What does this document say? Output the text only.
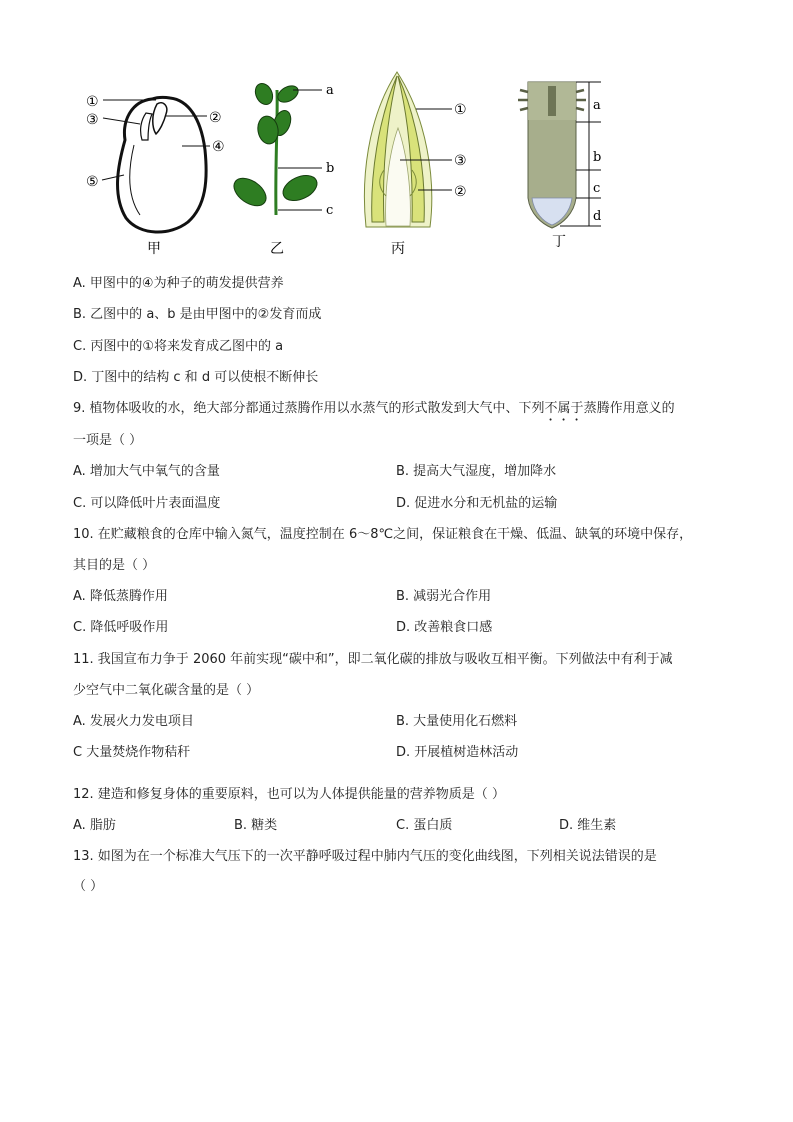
①
③	②
④
⑤
甲
a
b
c
乙
①
③
②
丙
a
b
c
d
丁
A. 甲图中的④为种子的萌发提供营养
B. 乙图中的 a、b 是由甲图中的②发育而成
C. 丙图中的①将来发育成乙图中的 a
D. 丁图中的结构 c 和 d 可以使根不断伸长
9. 植物体吸收的水，绝大部分都通过蒸腾作用以水蒸气的形式散发到大气中、下列不属于蒸腾作用意义的
一项是（ ）
A. 增加大气中氧气的含量	B. 提高大气湿度，增加降水
C. 可以降低叶片表面温度	D. 促进水分和无机盐的运输
10. 在贮藏粮食的仓库中输入氮气，温度控制在 6～8℃之间，保证粮食在干燥、低温、缺氧的环境中保存，
其目的是（ ）
A. 降低蒸腾作用	B. 减弱光合作用
C. 降低呼吸作用	D. 改善粮食口感
11. 我国宣布力争于 2060 年前实现“碳中和”，即二氧化碳的排放与吸收互相平衡。下列做法中有利于减
少空气中二氧化碳含量的是（ ）
A. 发展火力发电项目	B. 大量使用化石燃料
C 大量焚烧作物秸秆	D. 开展植树造林活动
12. 建造和修复身体的重要原料，也可以为人体提供能量的营养物质是（ ）
A. 脂肪	B. 糖类	C. 蛋白质	D. 维生素
13. 如图为在一个标准大气压下的一次平静呼吸过程中肺内气压的变化曲线图，下列相关说法错误的是
（ ）
